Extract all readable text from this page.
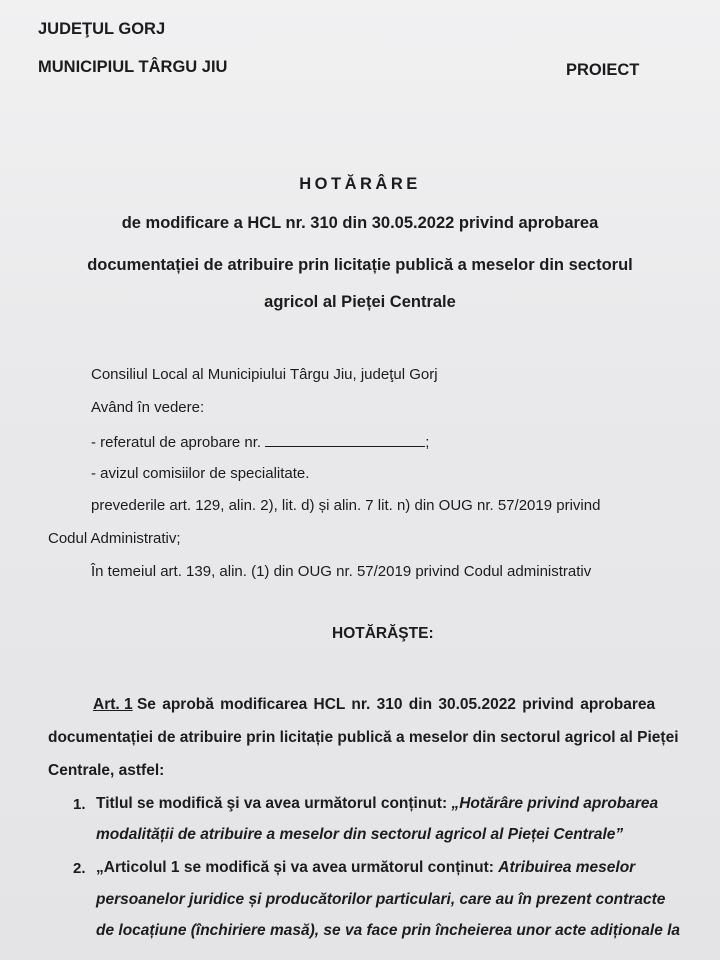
JUDEŢUL GORJ
MUNICIPIUL TÂRGU JIU	PROIECT
HOTĂRÂRE
de modificare a HCL nr. 310 din 30.05.2022 privind aprobarea
documentației de atribuire prin licitație publică a meselor din sectorul
agricol al Pieței Centrale
Consiliul Local al Municipiului Târgu Jiu, judeţul Gorj
Având în vedere:
- referatul de aprobare nr.	;
- avizul comisiilor de specialitate.
prevederile art. 129, alin. 2), lit. d) și alin. 7 lit. n) din OUG nr. 57/2019 privind
Codul Administrativ;
În temeiul art. 139, alin. (1) din OUG nr. 57/2019 privind Codul administrativ
HOTĂRĂŞTE:
Art. 1 Se aprobă modificarea HCL nr. 310 din 30.05.2022 privind aprobarea
documentației de atribuire prin licitație publică a meselor din sectorul agricol al Pieței
Centrale, astfel:
1. Titlul se modifică şi va avea următorul conținut: „Hotărâre privind aprobarea
modalității de atribuire a meselor din sectorul agricol al Pieței Centrale”
2. „Articolul 1 se modifică și va avea următorul conținut: Atribuirea meselor
persoanelor juridice și producătorilor particulari, care au în prezent contracte
de locațiune (închiriere masă), se va face prin încheierea unor acte adiționale la
